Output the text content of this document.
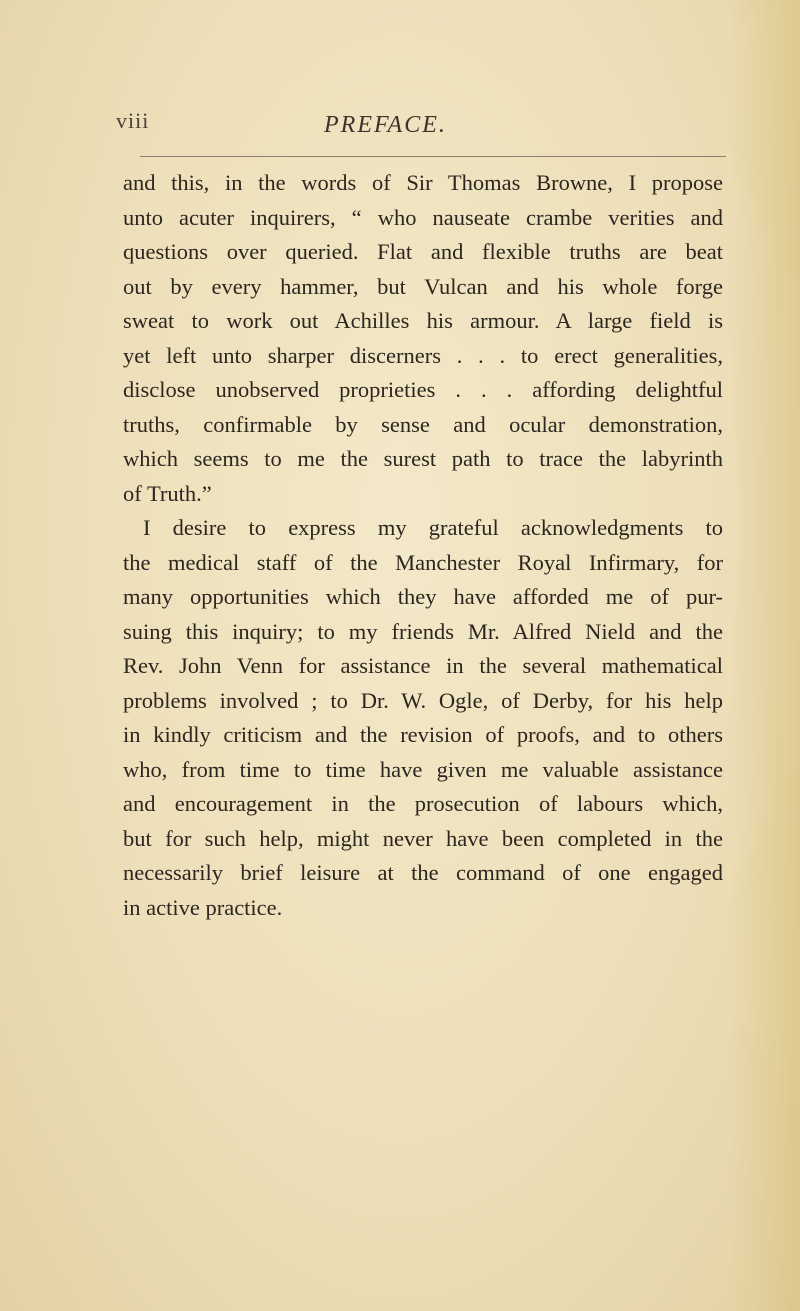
viii	PREFACE.
and this, in the words of Sir Thomas Browne, I propose
unto acuter inquirers, “ who nauseate crambe verities and
questions over queried. Flat and flexible truths are beat
out by every hammer, but Vulcan and his whole forge
sweat to work out Achilles his armour. A large field is
yet left unto sharper discerners . . . to erect generalities,
disclose unobserved proprieties . . . affording delightful
truths, confirmable by sense and ocular demonstration,
which seems to me the surest path to trace the labyrinth
of Truth.”
I desire to express my grateful acknowledgments to
the medical staff of the Manchester Royal Infirmary, for
many opportunities which they have afforded me of pur-
suing this inquiry; to my friends Mr. Alfred Nield and the
Rev. John Venn for assistance in the several mathematical
problems involved ; to Dr. W. Ogle, of Derby, for his help
in kindly criticism and the revision of proofs, and to others
who, from time to time have given me valuable assistance
and encouragement in the prosecution of labours which,
but for such help, might never have been completed in the
necessarily brief leisure at the command of one engaged
in active practice.
